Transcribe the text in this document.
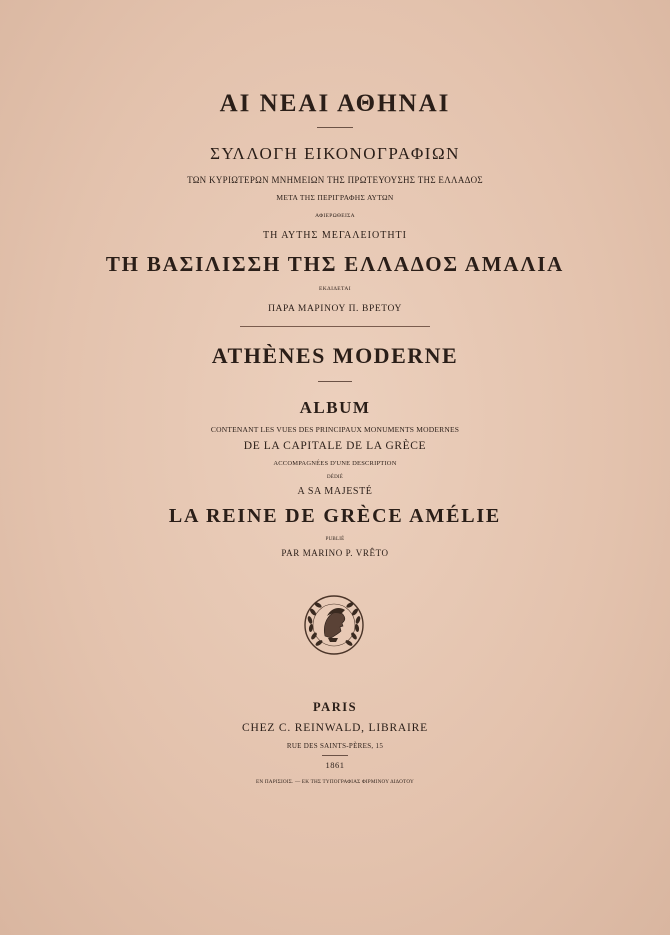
ΑΙ ΝΕΑΙ ΑΘΗΝΑΙ
ΣΥΛΛΟΓΗ ΕΙΚΟΝΟΓΡΑΦΙΩΝ
ΤΩΝ ΚΥΡΙΩΤΕΡΩΝ ΜΝΗΜΕΙΩΝ ΤΗΣ ΠΡΩΤΕΥΟΥΣΗΣ ΤΗΣ ΕΛΛΑΔΟΣ
ΜΕΤΑ ΤΗΣ ΠΕΡΙΓΡΑΦΗΣ ΑΥΤΩΝ
ΑΦΙΕΡΩΘΕΙΣΑ
ΤΗ ΑΥΤΗΣ ΜΕΓΑΛΕΙΟΤΗΤΙ
ΤΗ ΒΑΣΙΛΙΣΣΗ ΤΗΣ ΕΛΛΑΔΟΣ ΑΜΑΛΙΑ
ΕΚΔΙΔΕΤΑΙ
ΠΑΡΑ ΜΑΡΙΝΟΥ Π. ΒΡΕΤΟΥ
ATHÈNES MODERNE
ALBUM
CONTENANT LES VUES DES PRINCIPAUX MONUMENTS MODERNES
DE LA CAPITALE DE LA GRÈCE
ACCOMPAGNÉES D'UNE DESCRIPTION
DÉDIÉ
A SA MAJESTÉ
LA REINE DE GRÈCE AMÉLIE
PUBLIÉ
PAR MARINO P. VRÊTO
PARIS
CHEZ C. REINWALD, LIBRAIRE
RUE DES SAINTS-PÈRES, 15
1861
ΕΝ ΠΑΡΙΣΙΟΙΣ. — ΕΚ ΤΗΣ ΤΥΠΟΓΡΑΦΙΑΣ ΦΙΡΜΙΝΟΥ ΔΙΔΟΤΟΥ
